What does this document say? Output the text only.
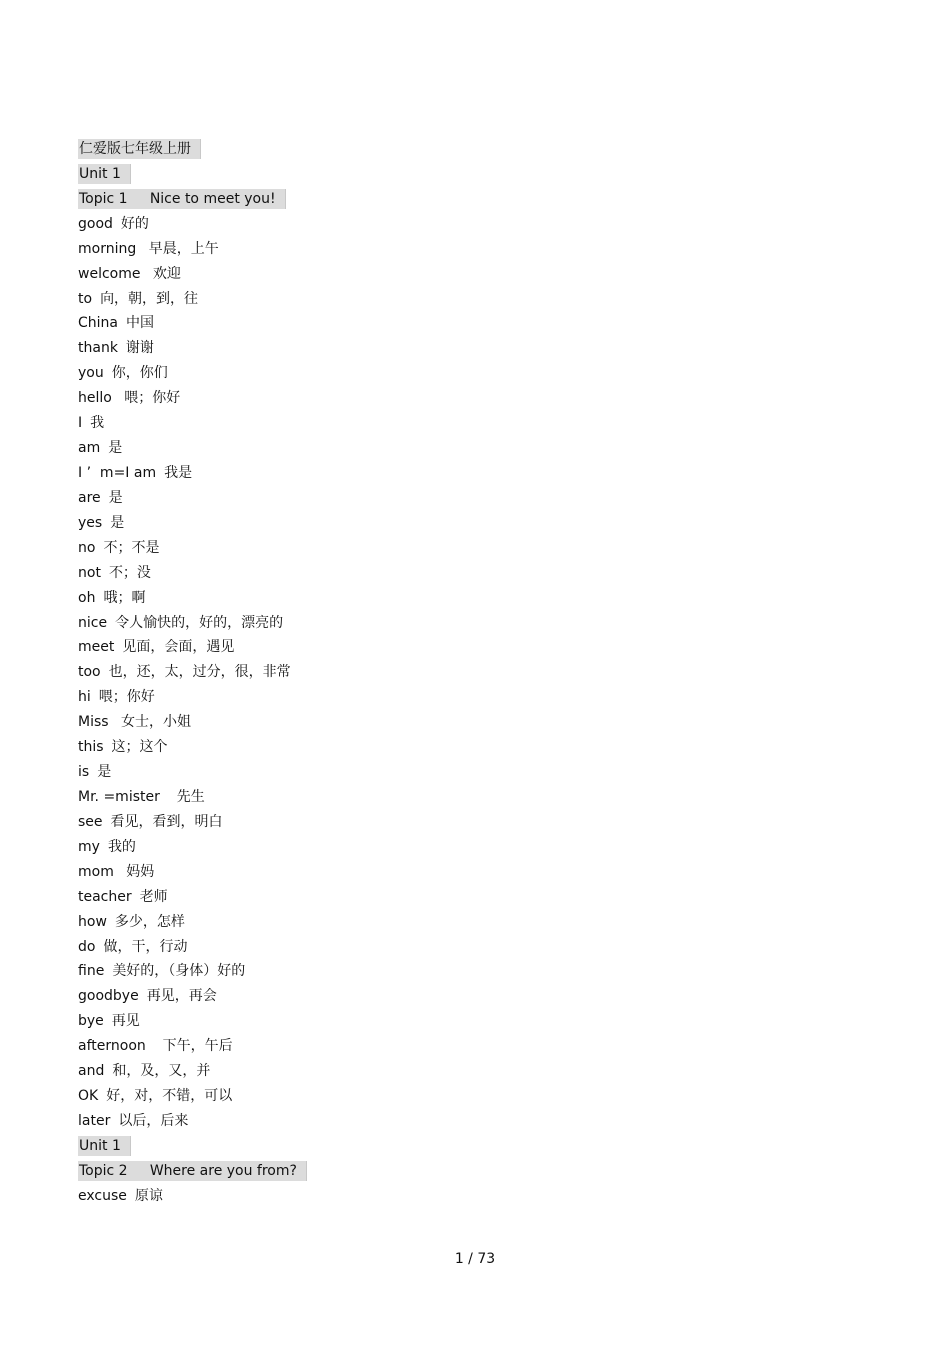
仁爱版七年级上册
Unit 1
Topic 1     Nice to meet you!
good 好的
morning 早晨，上午
welcome 欢迎
to 向，朝，到，往
China 中国
thank 谢谢
you 你，你们
hello 喂；你好
I 我
am 是
I ’  m=I am 我是
are 是
yes 是
no 不；不是
not 不；没
oh 哦；啊
nice 令人愉快的，好的，漂亮的
meet 见面，会面，遇见
too 也，还，太，过分，很，非常
hi 喂；你好
Miss 女士，小姐
this 这；这个
is 是
Mr. =mister  先生
see 看见，看到，明白
my 我的
mom 妈妈
teacher 老师
how 多少，怎样
do 做，干，行动
fine 美好的，（身体）好的
goodbye 再见，再会
bye 再见
afternoon  下午，午后
and 和，及，又，并
OK 好，对，不错，可以
later 以后，后来
Unit 1
Topic 2     Where are you from?
excuse 原谅
1 / 73
